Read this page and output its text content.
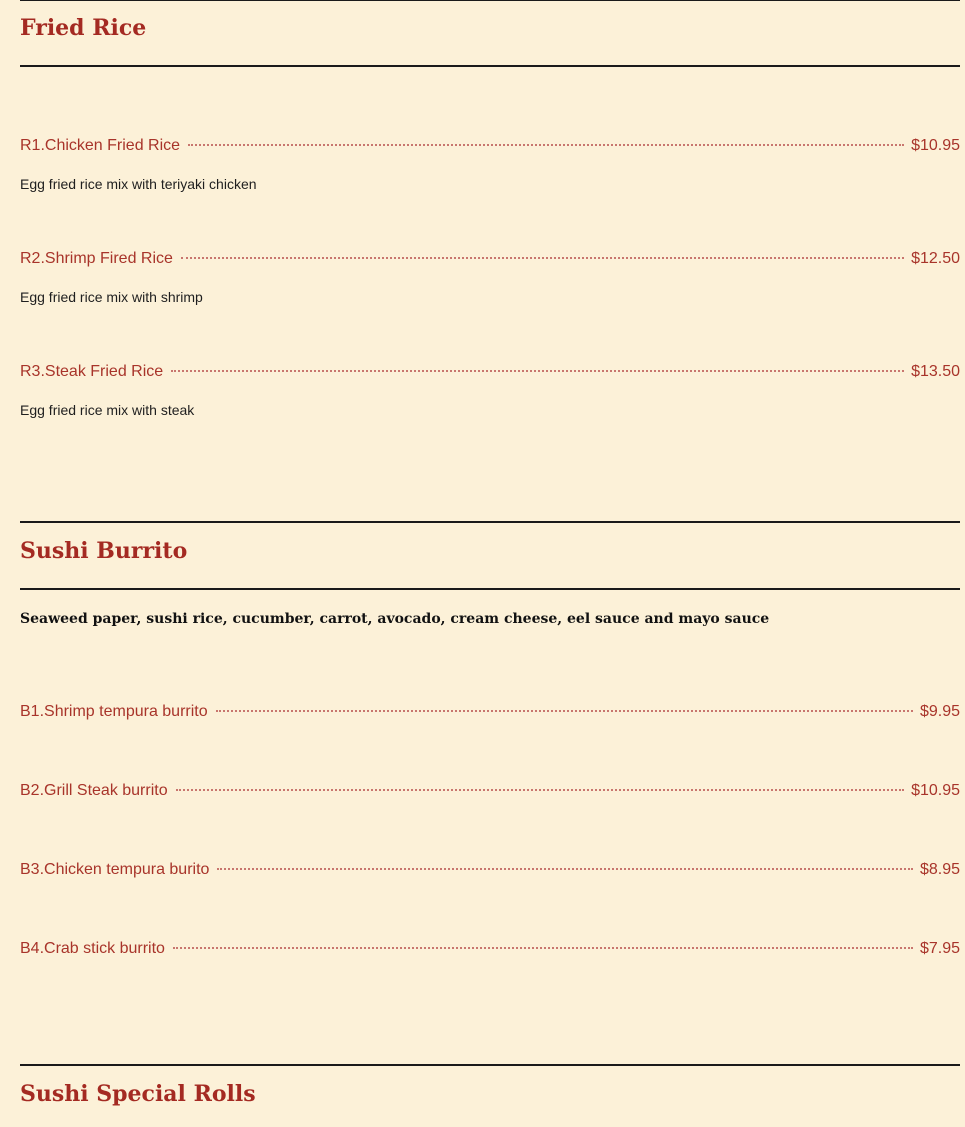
Fried Rice
R1.Chicken Fried Rice	$10.95
Egg fried rice mix with teriyaki chicken
R2.Shrimp Fired Rice	$12.50
Egg fried rice mix with shrimp
R3.Steak Fried Rice	$13.50
Egg fried rice mix with steak
Sushi Burrito
Seaweed paper, sushi rice, cucumber, carrot, avocado, cream cheese, eel sauce and mayo sauce
B1.Shrimp tempura burrito	$9.95
B2.Grill Steak burrito	$10.95
B3.Chicken tempura burito	$8.95
B4.Crab stick burrito	$7.95
Sushi Special Rolls
